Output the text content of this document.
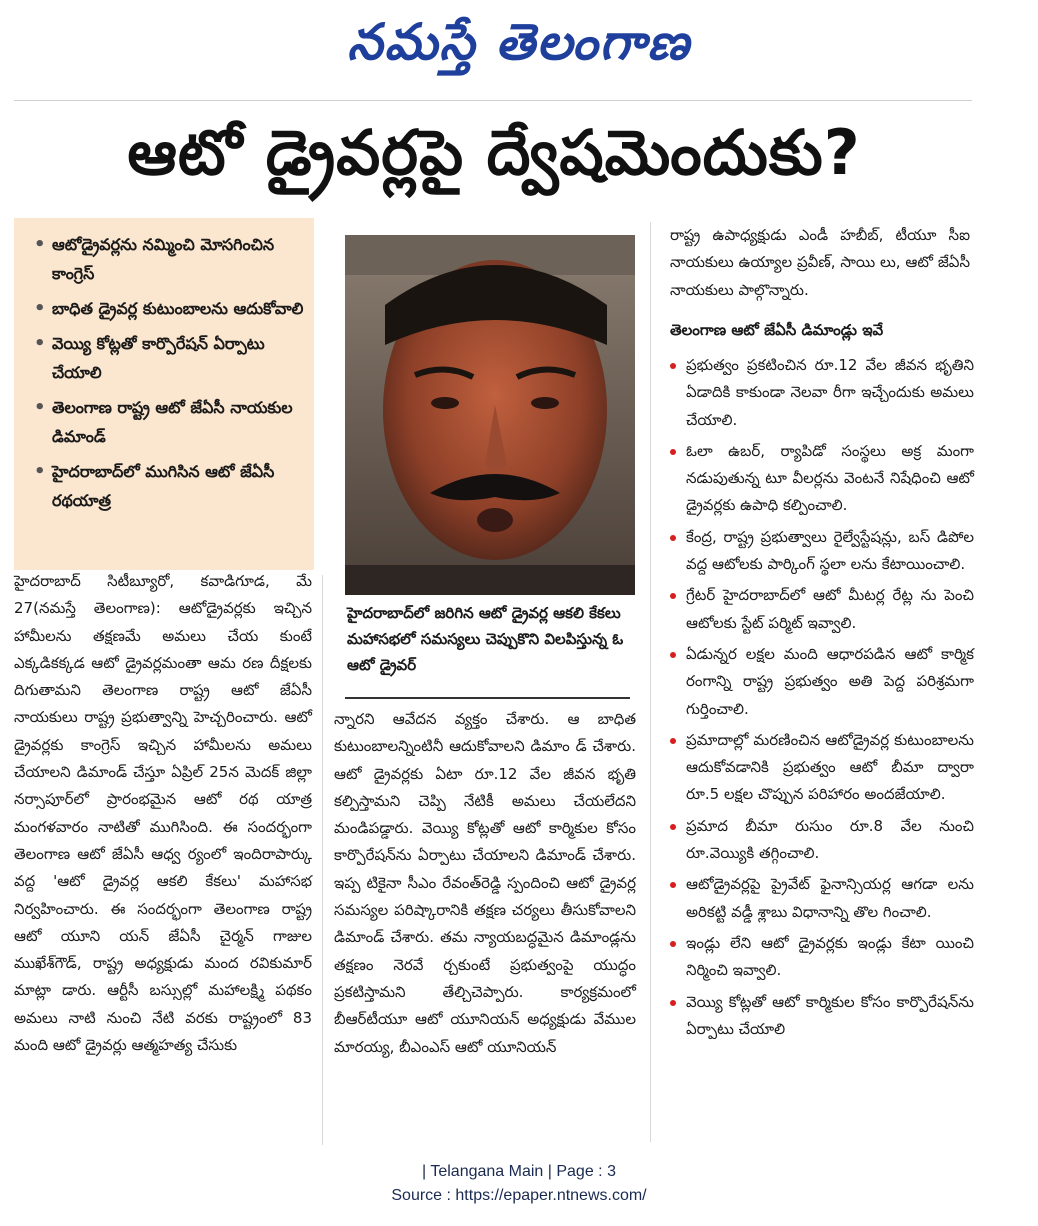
నమస్తే తెలంగాణ
ఆటో డ్రైవర్లపై ద్వేషమెందుకు?
• ఆటోడ్రైవర్లను నమ్మించి మోసగించిన కాంగ్రెస్
• బాధిత డ్రైవర్ల కుటుంబాలను ఆదుకోవాలి
• వెయ్యి కోట్లతో కార్పొరేషన్ ఏర్పాటు చేయాలి
• తెలంగాణ రాష్ట్ర ఆటో జేఏసీ నాయకుల డిమాండ్
• హైదరాబాద్‌లో ముగిసిన ఆటో జేఏసీ రథయాత్ర
హైదరాబాద్‌లో జరిగిన ఆటో డ్రైవర్ల ఆకలి కేకలు మహాసభలో సమస్యలు చెప్పుకొని విలపిస్తున్న ఓ ఆటో డ్రైవర్
హైదరాబాద్ సిటీబ్యూరో, కవాడిగూడ, మే 27(నమస్తే తెలంగాణ): ఆటోడ్రైవర్లకు ఇచ్చిన హామీలను తక్షణమే అమలు చేయ కుంటే ఎక్కడికక్కడ ఆటో డ్రైవర్లమంతా ఆమ రణ దీక్షలకు దిగుతామని తెలంగాణ రాష్ట్ర ఆటో జేఏసీ నాయకులు రాష్ట్ర ప్రభుత్వాన్ని హెచ్చరించారు. ఆటో డ్రైవర్లకు కాంగ్రెస్ ఇచ్చిన హామీలను అమలు చేయాలని డిమాండ్ చేస్తూ ఏప్రిల్ 25న మెదక్ జిల్లా నర్సాపూర్‌లో ప్రారంభమైన ఆటో రథ యాత్ర మంగళవారం నాటితో ముగిసింది. ఈ సందర్భంగా తెలంగాణ ఆటో జేఏసీ ఆధ్వ ర్యంలో ఇందిరాపార్కు వద్ద 'ఆటో డ్రైవర్ల ఆకలి కేకలు' మహాసభ నిర్వహించారు. ఈ సందర్భంగా తెలంగాణ రాష్ట్ర ఆటో యూని యన్ జేఏసీ చైర్మన్ గాజుల ముఖేశ్‌గౌడ్, రాష్ట్ర అధ్యక్షుడు మంద రవికుమార్ మాట్లా డారు. ఆర్టీసీ బస్సుల్లో మహాలక్ష్మి పథకం అమలు నాటి నుంచి నేటి వరకు రాష్ట్రంలో 83 మంది ఆటో డ్రైవర్లు ఆత్మహత్య చేసుకు
న్నారని ఆవేదన వ్యక్తం చేశారు. ఆ బాధిత కుటుంబాలన్నింటినీ ఆదుకోవాలని డిమాం డ్ చేశారు. ఆటో డ్రైవర్లకు ఏటా రూ.12 వేల జీవన భృతి కల్పిస్తామని చెప్పి నేటికీ అమలు చేయలేదని మండిపడ్డారు. వెయ్యి కోట్లతో ఆటో కార్మికుల కోసం కార్పొరేషన్‌ను ఏర్పాటు చేయాలని డిమాండ్ చేశారు. ఇప్ప టికైనా సీఎం రేవంత్‌రెడ్డి స్పందించి ఆటో డ్రైవర్ల సమస్యల పరిష్కారానికి తక్షణ చర్యలు తీసుకోవాలని డిమాండ్ చేశారు. తమ న్యాయబద్ధమైన డిమాండ్లను తక్షణం నెరవే ర్చకుంటే ప్రభుత్వంపై యుద్ధం ప్రకటిస్తామని తేల్చిచెప్పారు. కార్యక్రమంలో బీఆర్‌టీయూ ఆటో యూనియన్ అధ్యక్షుడు వేముల మారయ్య, బీఎంఎస్ ఆటో యూనియన్
రాష్ట్ర ఉపాధ్యక్షుడు ఎండీ హబీబ్, టీయూ సీఐ నాయకులు ఉయ్యాల ప్రవీణ్, సాయి లు, ఆటో జేఏసీ నాయకులు పాల్గొన్నారు.
తెలంగాణ ఆటో జేఏసీ డిమాండ్లు ఇవే
ప్రభుత్వం ప్రకటించిన రూ.12 వేల జీవన భృతిని ఏడాదికి కాకుండా నెలవా రీగా ఇచ్చేందుకు అమలు చేయాలి.
ఓలా ఉబర్, ర్యాపిడో సంస్థలు అక్ర మంగా నడుపుతున్న టూ వీలర్లను వెంటనే నిషేధించి ఆటో డ్రైవర్లకు ఉపాధి కల్పించాలి.
కేంద్ర, రాష్ట్ర ప్రభుత్వాలు రైల్వేస్టేషన్లు, బస్ డిపోల వద్ద ఆటోలకు పార్కింగ్ స్థలా లను కేటాయించాలి.
గ్రేటర్ హైదరాబాద్‌లో ఆటో మీటర్ల రేట్ల ను పెంచి ఆటోలకు స్టేట్ పర్మిట్ ఇవ్వాలి.
ఏడున్నర లక్షల మంది ఆధారపడిన ఆటో కార్మిక రంగాన్ని రాష్ట్ర ప్రభుత్వం అతి పెద్ద పరిశ్రమగా గుర్తించాలి.
ప్రమాదాల్లో మరణించిన ఆటోడ్రైవర్ల కుటుంబాలను ఆదుకోవడానికి ప్రభుత్వం ఆటో బీమా ద్వారా రూ.5 లక్షల చొప్పున పరిహారం అందజేయాలి.
ప్రమాద బీమా రుసుం రూ.8 వేల నుంచి రూ.వెయ్యికి తగ్గించాలి.
ఆటోడ్రైవర్లపై ప్రైవేట్ ఫైనాన్సియర్ల ఆగడా లను అరికట్టి వడ్డీ శ్లాబు విధానాన్ని తొల గించాలి.
ఇండ్లు లేని ఆటో డ్రైవర్లకు ఇండ్లు కేటా యించి నిర్మించి ఇవ్వాలి.
వెయ్యి కోట్లతో ఆటో కార్మికుల కోసం కార్పొరేషన్‌ను ఏర్పాటు చేయాలి
| Telangana Main | Page : 3
Source : https://epaper.ntnews.com/
